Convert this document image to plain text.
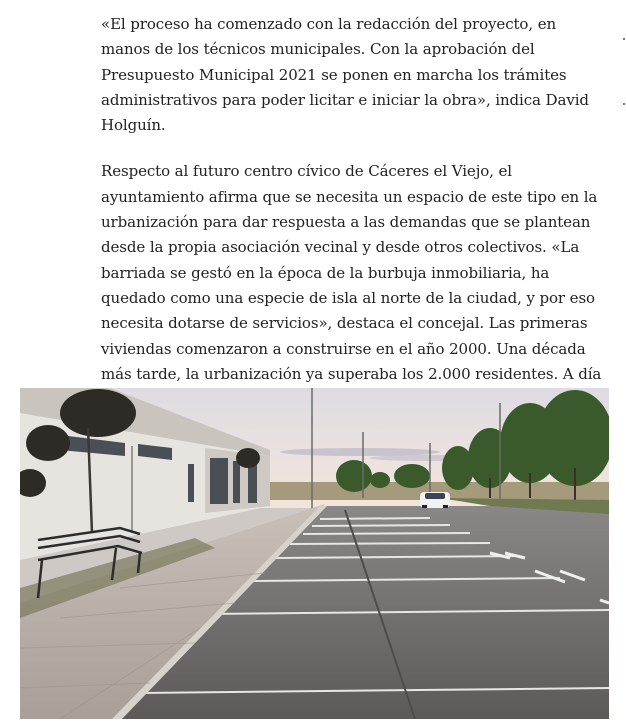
«El proceso ha comenzado con la redacción del proyecto, en manos de los técnicos municipales. Con la aprobación del Presupuesto Municipal 2021 se ponen en marcha los trámites administrativos para poder licitar e iniciar la obra», indica David Holguín.

Respecto al futuro centro cívico de Cáceres el Viejo, el ayuntamiento afirma que se necesita un espacio de este tipo en la urbanización para dar respuesta a las demandas que se plantean desde la propia asociación vecinal y desde otros colectivos. «La barriada se gestó en la época de la burbuja inmobiliaria, ha quedado como una especie de isla al norte de la ciudad, y por eso necesita dotarse de servicios», destaca el concejal. Las primeras viviendas comenzaron a construirse en el año 2000. Una década más tarde, la urbanización ya superaba los 2.000 residentes. A día
